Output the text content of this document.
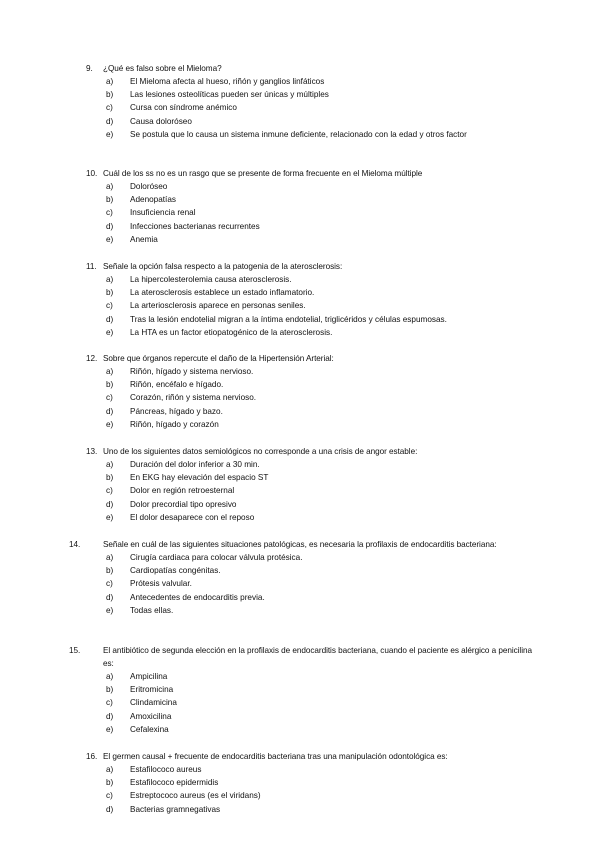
9. ¿Qué es falso sobre el Mieloma?
a) El Mieloma afecta al hueso, riñón y ganglios linfáticos
b) Las lesiones osteolíticas pueden ser únicas y múltiples
c) Cursa con síndrome anémico
d) Causa doloróseo
e) Se postula que lo causa un sistema inmune deficiente, relacionado con la edad y otros factor
10. Cuál de los ss no es un rasgo que se presente de forma frecuente en el Mieloma múltiple
a) Doloróseo
b) Adenopatías
c) Insuficiencia renal
d) Infecciones bacterianas recurrentes
e) Anemia
11. Señale la opción falsa respecto a la patogenia de la aterosclerosis:
a) La hipercolesterolemia causa aterosclerosis.
b) La aterosclerosis establece un estado inflamatorio.
c) La arteriosclerosis aparece en personas seniles.
d) Tras la lesión endotelial migran a la íntima endotelial, triglicéridos y células espumosas.
e) La HTA es un factor etiopatogénico de la aterosclerosis.
12. Sobre que órganos repercute el daño de la Hipertensión Arterial:
a) Riñón, hígado y sistema nervioso.
b) Riñón, encéfalo e hígado.
c) Corazón, riñón y sistema nervioso.
d) Páncreas, hígado y bazo.
e) Riñón, hígado y corazón
13. Uno de los siguientes datos semiológicos no corresponde a una crisis de angor estable:
a) Duración del dolor inferior a 30 min.
b) En EKG hay elevación del espacio ST
c) Dolor en región retroesternal
d) Dolor precordial tipo opresivo
e) El dolor desaparece con el reposo
14.	Señale en cuál de las siguientes situaciones patológicas, es necesaria la profilaxis de endocarditis bacteriana:
a) Cirugía cardiaca para colocar válvula protésica.
b) Cardiopatías congénitas.
c) Prótesis valvular.
d) Antecedentes de endocarditis previa.
e) Todas ellas.
15.	El antibiótico de segunda elección en la profilaxis de endocarditis bacteriana, cuando el paciente es alérgico a penicilina es:
a) Ampicilina
b) Eritromicina
c) Clindamicina
d) Amoxicilina
e) Cefalexina
16. El germen causal + frecuente de endocarditis bacteriana tras una manipulación odontológica es:
a) Estafilococo aureus
b) Estafilococo epidermidis
c) Estreptococo aureus (es el viridans)
d) Bacterias gramnegativas
